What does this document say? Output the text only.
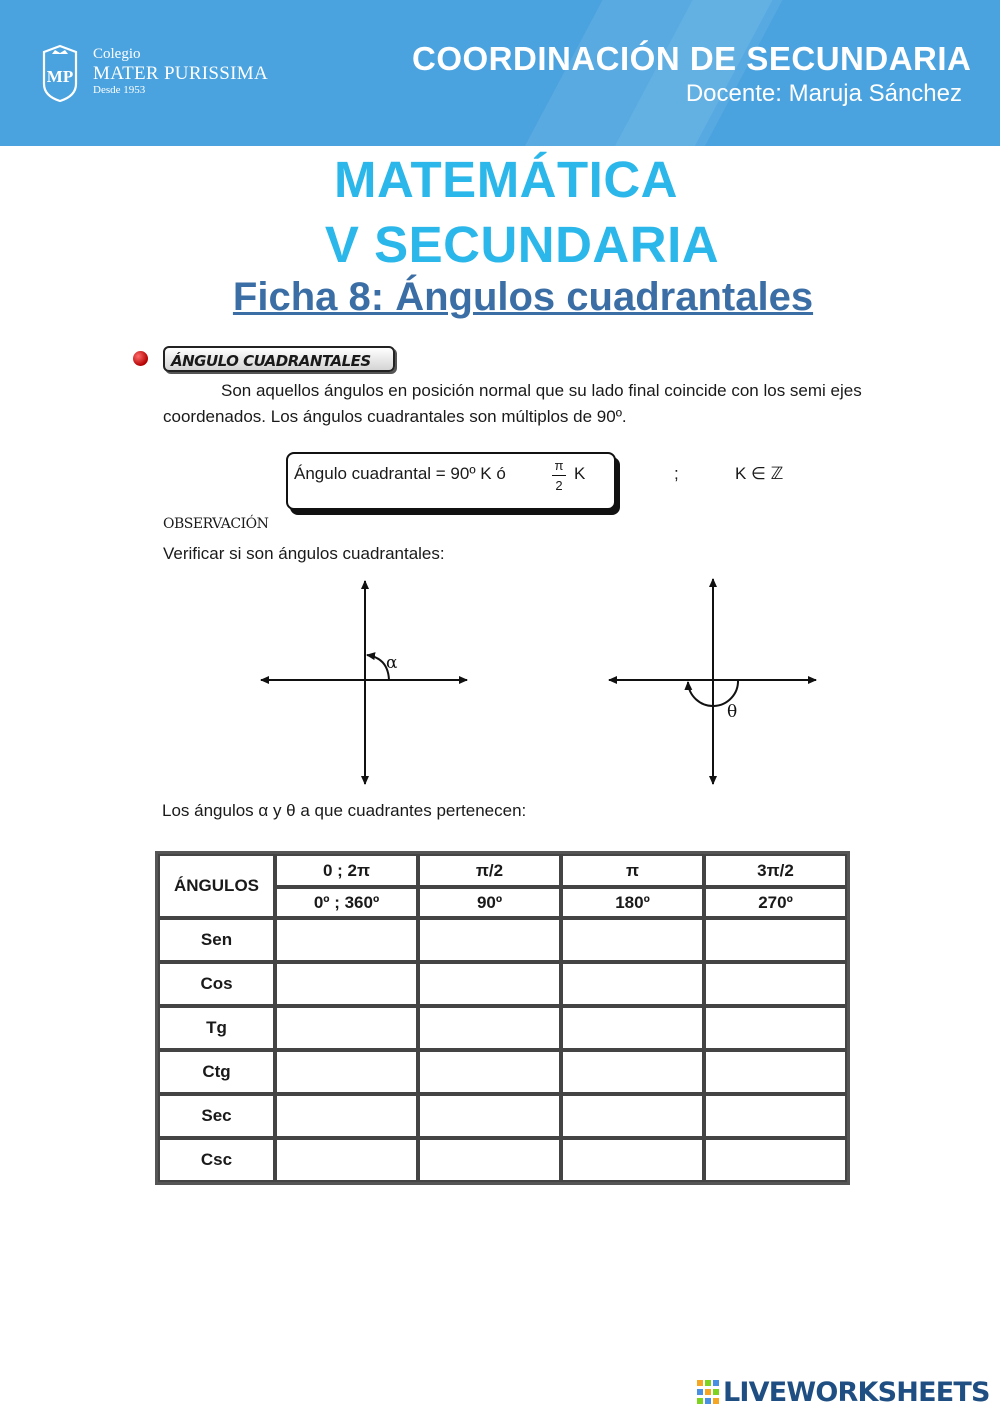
MP
Colegio
MATER PURISSIMA
Desde 1953
COORDINACIÓN DE SECUNDARIA
Docente: Maruja Sánchez
MATEMÁTICA
V SECUNDARIA
Ficha 8: Ángulos cuadrantales
ÁNGULO CUADRANTALES
Son aquellos ángulos en posición normal que su lado final coincide con los semi ejes coordenados. Los ángulos cuadrantales son múltiplos de 90º.
Ángulo cuadrantal = 90º K ó	π
2
K	;	K ∈ ℤ
OBSERVACIÓN
Verificar si son ángulos cuadrantales:
α
θ
Los ángulos α y θ a que cuadrantes pertenecen:
ÁNGULOS	0 ; 2π	π/2	π	3π/2
	0º ; 360º	90º	180º	270º
Sen				
Cos				
Tg				
Ctg				
Sec				
Csc				
LIVEWORKSHEETS
